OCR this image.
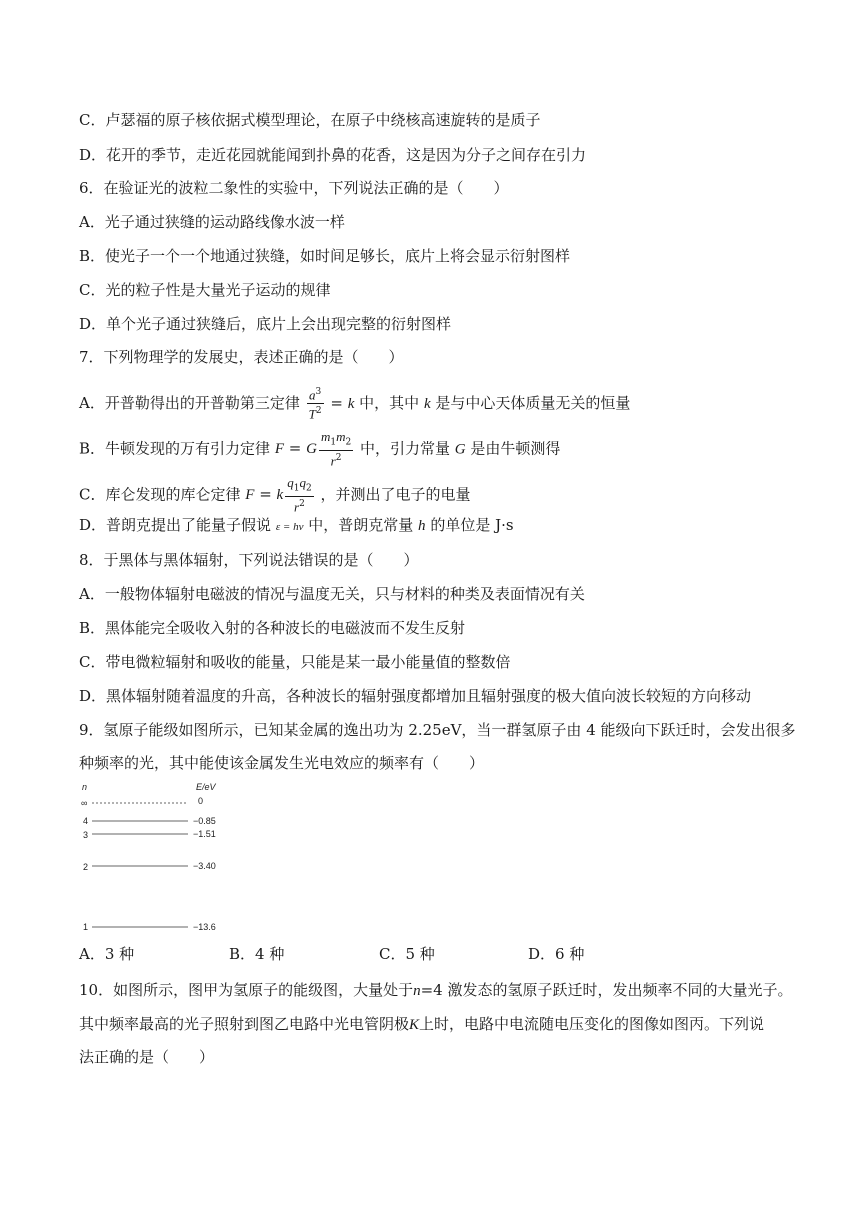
C．卢瑟福的原子核依据式模型理论，在原子中绕核高速旋转的是质子
D．花开的季节，走近花园就能闻到扑鼻的花香，这是因为分子之间存在引力
6．在验证光的波粒二象性的实验中，下列说法正确的是（　　）
A．光子通过狭缝的运动路线像水波一样
B．使光子一个一个地通过狭缝，如时间足够长，底片上将会显示衍射图样
C．光的粒子性是大量光子运动的规律
D．单个光子通过狭缝后，底片上会出现完整的衍射图样
7．下列物理学的发展史，表述正确的是（　　）
A．开普勒得出的开普勒第三定律 $\frac{a^3}{T^2} = k$ 中，其中 k 是与中心天体质量无关的恒量
B．牛顿发现的万有引力定律 F = G $\frac{m_1m_2}{r^2}$ 中，引力常量 G 是由牛顿测得
C．库仑发现的库仑定律 F = k $\frac{q_1q_2}{r^2}$ ，并测出了电子的电量
D．普朗克提出了能量子假说 ε = hν 中，普朗克常量 h 的单位是 J·s
8．于黑体与黑体辐射，下列说法错误的是（　　）
A．一般物体辐射电磁波的情况与温度无关，只与材料的种类及表面情况有关
B．黑体能完全吸收入射的各种波长的电磁波而不发生反射
C．带电微粒辐射和吸收的能量，只能是某一最小能量值的整数倍
D．黑体辐射随着温度的升高，各种波长的辐射强度都增加且辐射强度的极大值向波长较短的方向移动
9．氢原子能级如图所示，已知某金属的逸出功为 2.25eV，当一群氢原子由 4 能级向下跃迁时，会发出很多
种频率的光，其中能使该金属发生光电效应的频率有（　　）
n	E/eV
∞	0
4	−0.85
3	−1.51
2	−3.40
1	−13.6
A．3 种	B．4 种	C．5 种	D．6 种
10．如图所示，图甲为氢原子的能级图，大量处于n=4 激发态的氢原子跃迁时，发出频率不同的大量光子。
其中频率最高的光子照射到图乙电路中光电管阴极K上时，电路中电流随电压变化的图像如图丙。下列说
法正确的是（　　）
